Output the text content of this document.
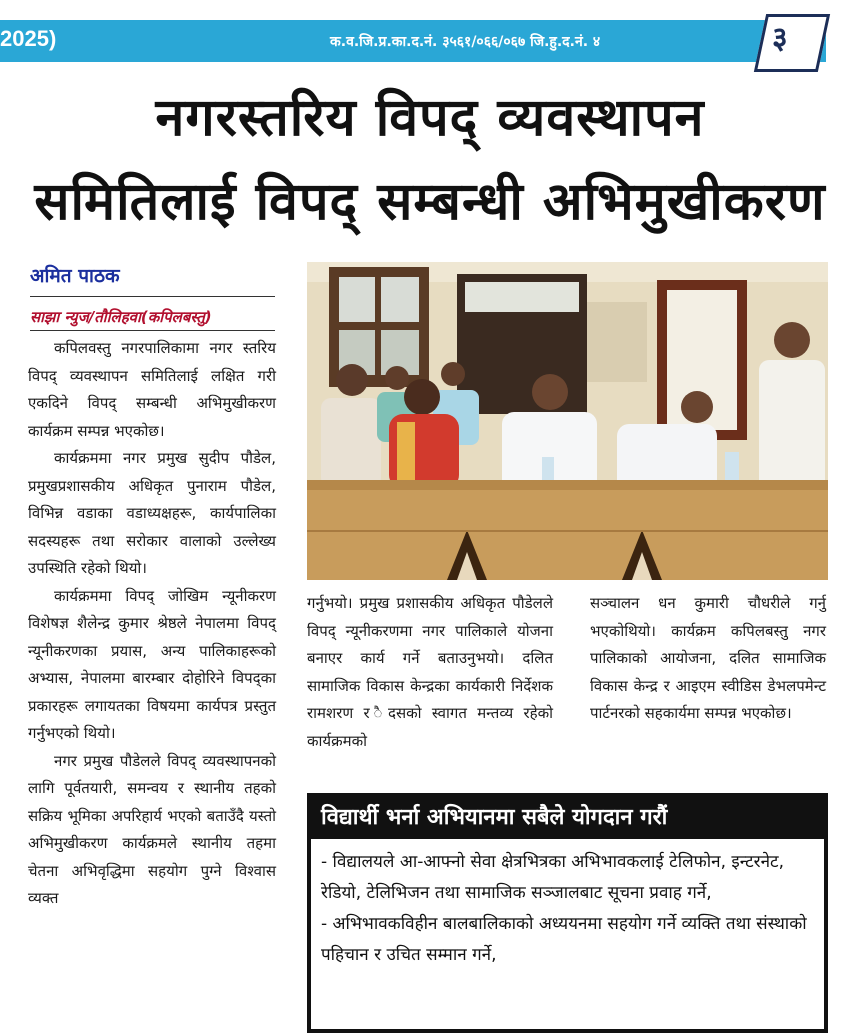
2025)	क.व.जि.प्र.का.द.नं. ३५६१/०६६/०६७ जि.हु.द.नं. ४	३
नगरस्तरिय विपद् व्यवस्थापन
समितिलाई विपद् सम्बन्धी अभिमुखीकरण
अमित पाठक
साझा न्युज/तौलिहवा(कपिलबस्तु)

कपिलवस्तु नगरपालिकामा नगर स्तरिय विपद् व्यवस्थापन समितिलाई लक्षित गरी एकदिने विपद् सम्बन्धी अभिमुखीकरण कार्यक्रम सम्पन्न भएकोछ।

कार्यक्रममा नगर प्रमुख सुदीप पौडेल, प्रमुखप्रशासकीय अधिकृत पुनाराम पौडेल, विभिन्न वडाका वडाध्यक्षहरू, कार्यपालिका सदस्यहरू तथा सरोकार वालाको उल्लेख्य उपस्थिति रहेको थियो।

कार्यक्रममा विपद् जोखिम न्यूनीकरण विशेषज्ञ शैलेन्द्र कुमार श्रेष्ठले नेपालमा विपद् न्यूनीकरणका प्रयास, अन्य पालिकाहरूको अभ्यास, नेपालमा बारम्बार दोहोरिने विपद्का प्रकारहरू लगायतका विषयमा कार्यपत्र प्रस्तुत गर्नुभएको थियो।

नगर प्रमुख पौडेलले विपद् व्यवस्थापनको लागि पूर्वतयारी, समन्वय र स्थानीय तहको सक्रिय भूमिका अपरिहार्य भएको बताउँदै यस्तो अभिमुखीकरण कार्यक्रमले स्थानीय तहमा चेतना अभिवृद्धिमा सहयोग पुग्ने विश्वास व्यक्त

गर्नुभयो। प्रमुख प्रशासकीय अधिकृत पौडेलले विपद् न्यूनीकरणमा नगर पालिकाले योजना बनाएर कार्य गर्ने बताउनुभयो। दलित सामाजिक विकास केन्द्रका कार्यकारी निर्देशक रामशरण र ैदसको स्वागत मन्तव्य रहेको कार्यक्रमको

सञ्चालन धन कुमारी चौधरीले गर्नु भएकोथियो। कार्यक्रम कपिलबस्तु नगर पालिकाको आयोजना, दलित सामाजिक विकास केन्द्र र आइएम स्वीडिस डेभलपमेन्ट पार्टनरको सहकार्यमा सम्पन्न भएकोछ।

विद्यार्थी भर्ना अभियानमा सबैले योगदान गरौं

- विद्यालयले आ-आफ्नो सेवा क्षेत्रभित्रका अभिभावकलाई टेलिफोन, इन्टरनेट, रेडियो, टेलिभिजन तथा सामाजिक सञ्जालबाट सूचना प्रवाह गर्ने,

- अभिभावकविहीन बालबालिकाको अध्ययनमा सहयोग गर्ने व्यक्ति तथा संस्थाको पहिचान र उचित सम्मान गर्ने,
